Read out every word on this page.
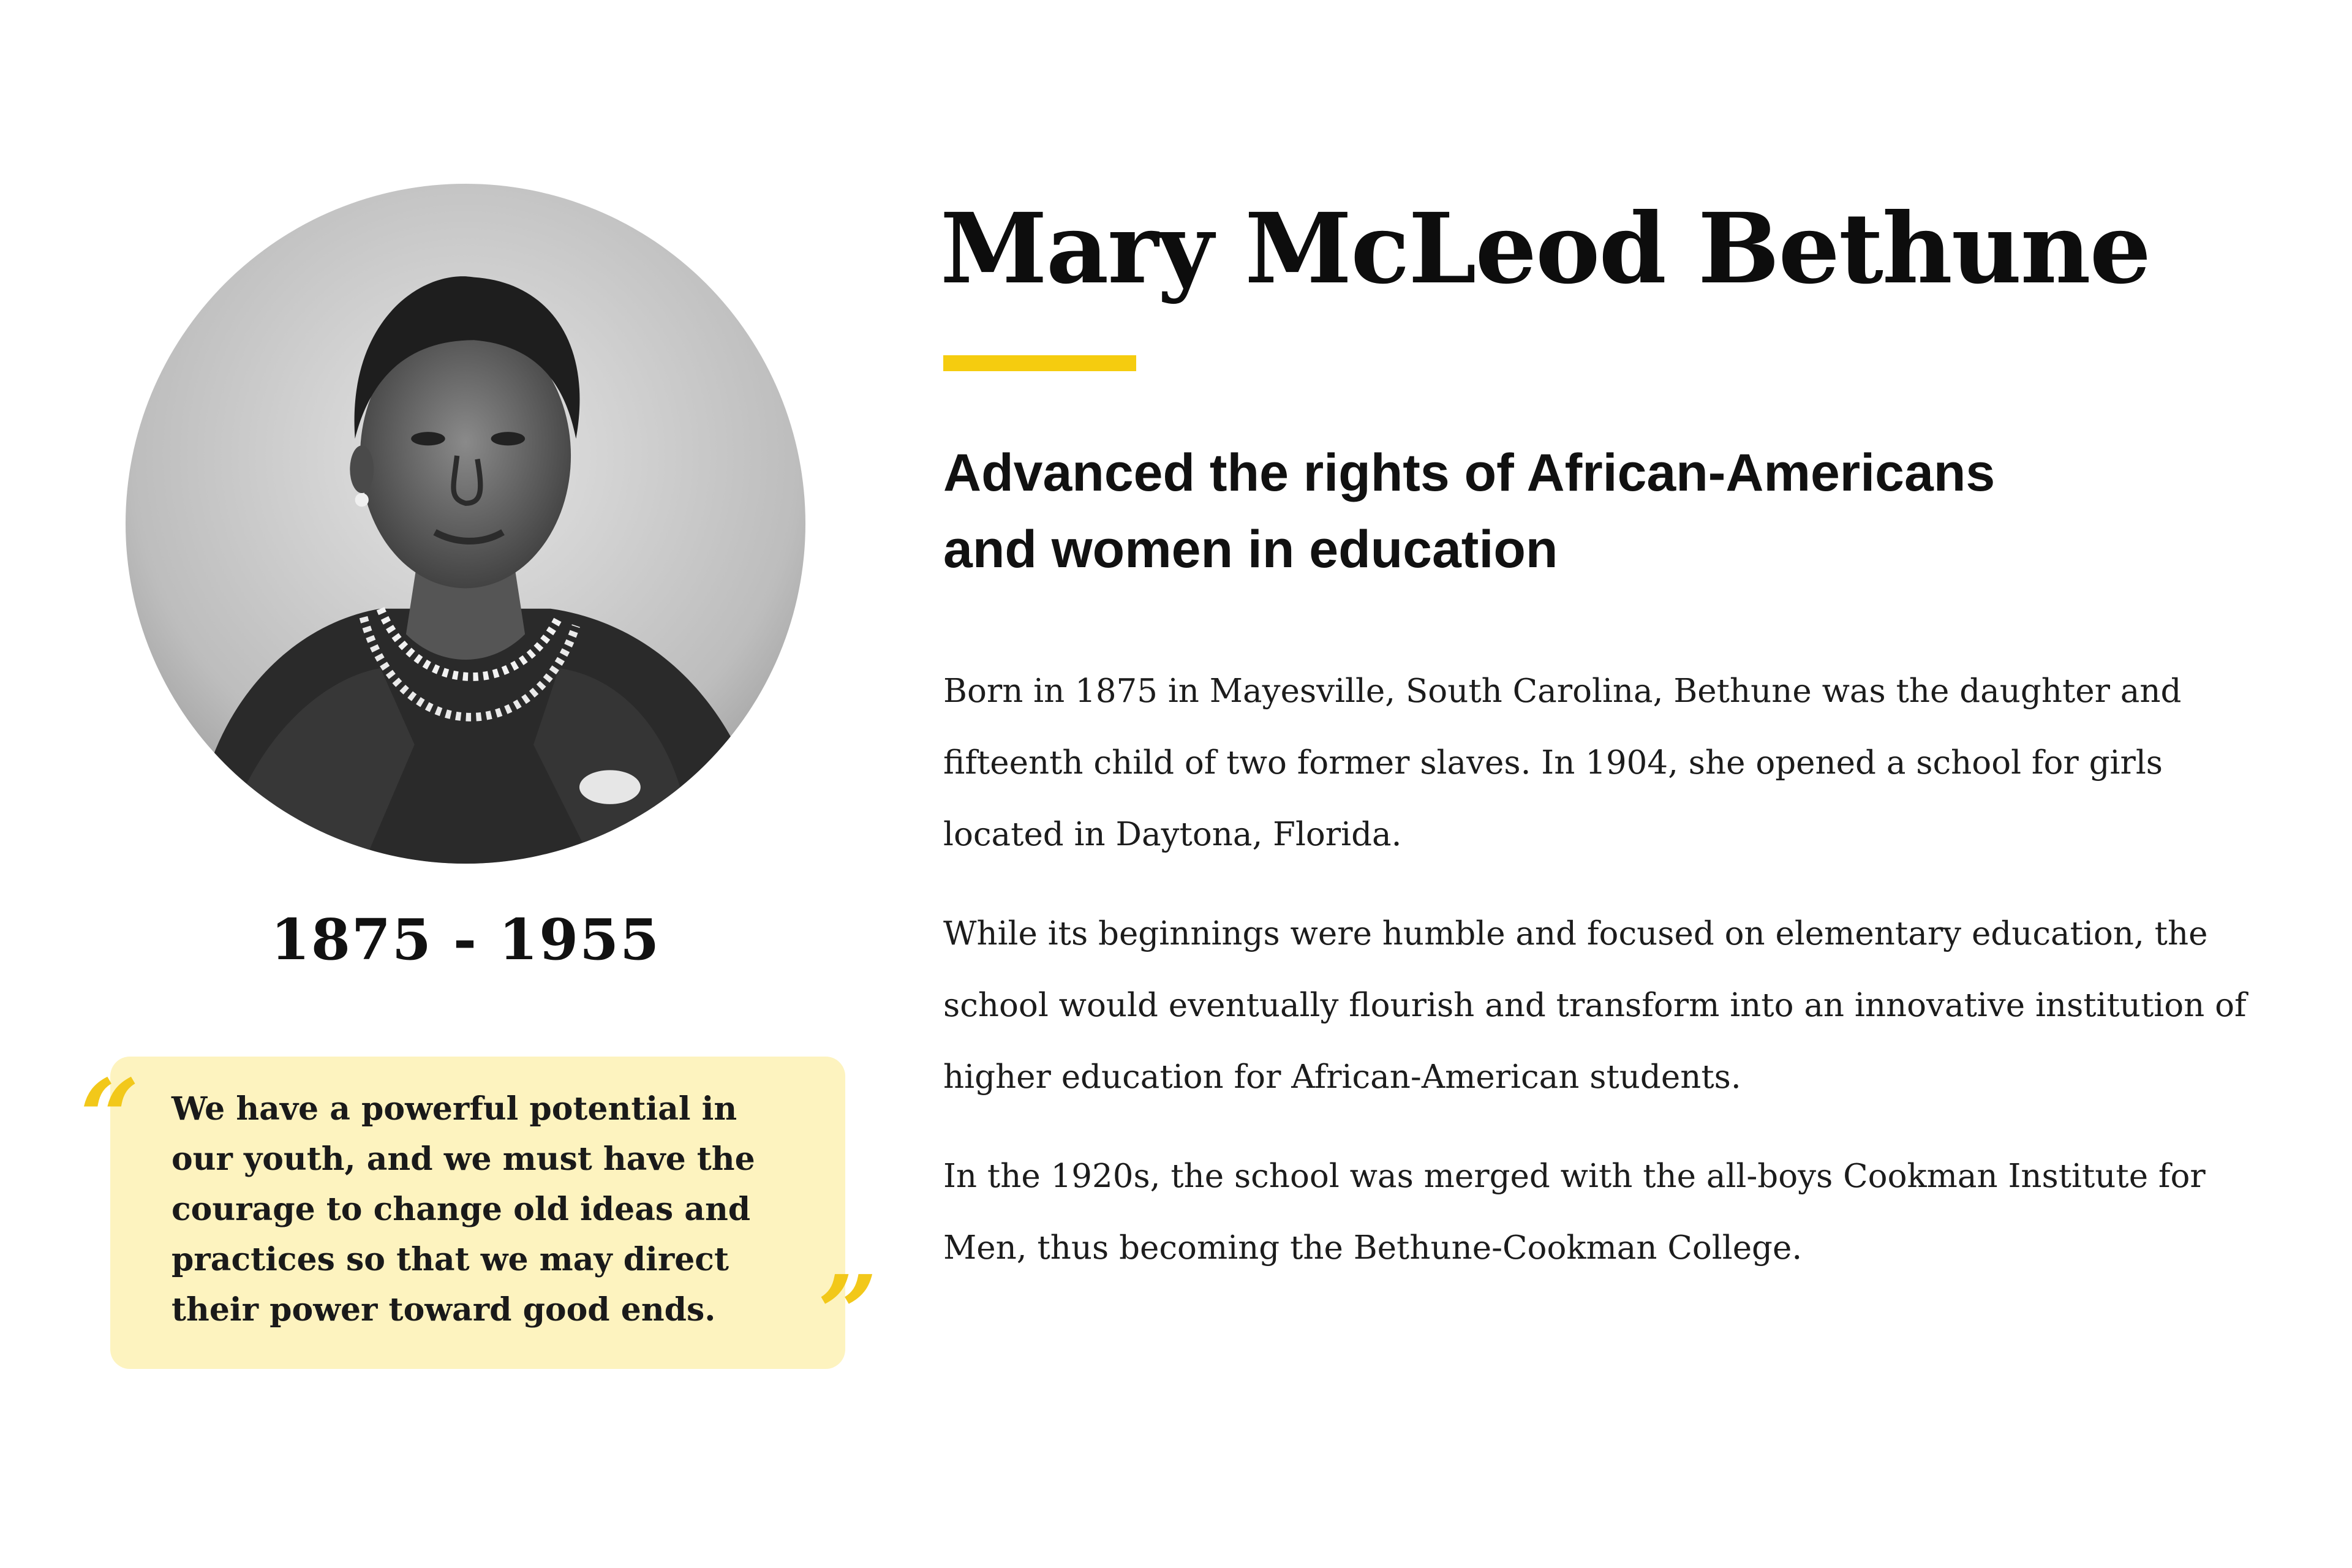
1875 - 1955
“ We have a powerful potential in our youth, and we must have the courage to change old ideas and practices so that we may direct their power toward good ends. ”
Mary McLeod Bethune
Advanced the rights of African-Americans
and women in education

Born in 1875 in Mayesville, South Carolina, Bethune was the daughter and fifteenth child of two former slaves. In 1904, she opened a school for girls located in Daytona, Florida.

While its beginnings were humble and focused on elementary education, the school would eventually flourish and transform into an innovative institution of higher education for African-American students.

In the 1920s, the school was merged with the all-boys Cookman Institute for Men, thus becoming the Bethune-Cookman College.
